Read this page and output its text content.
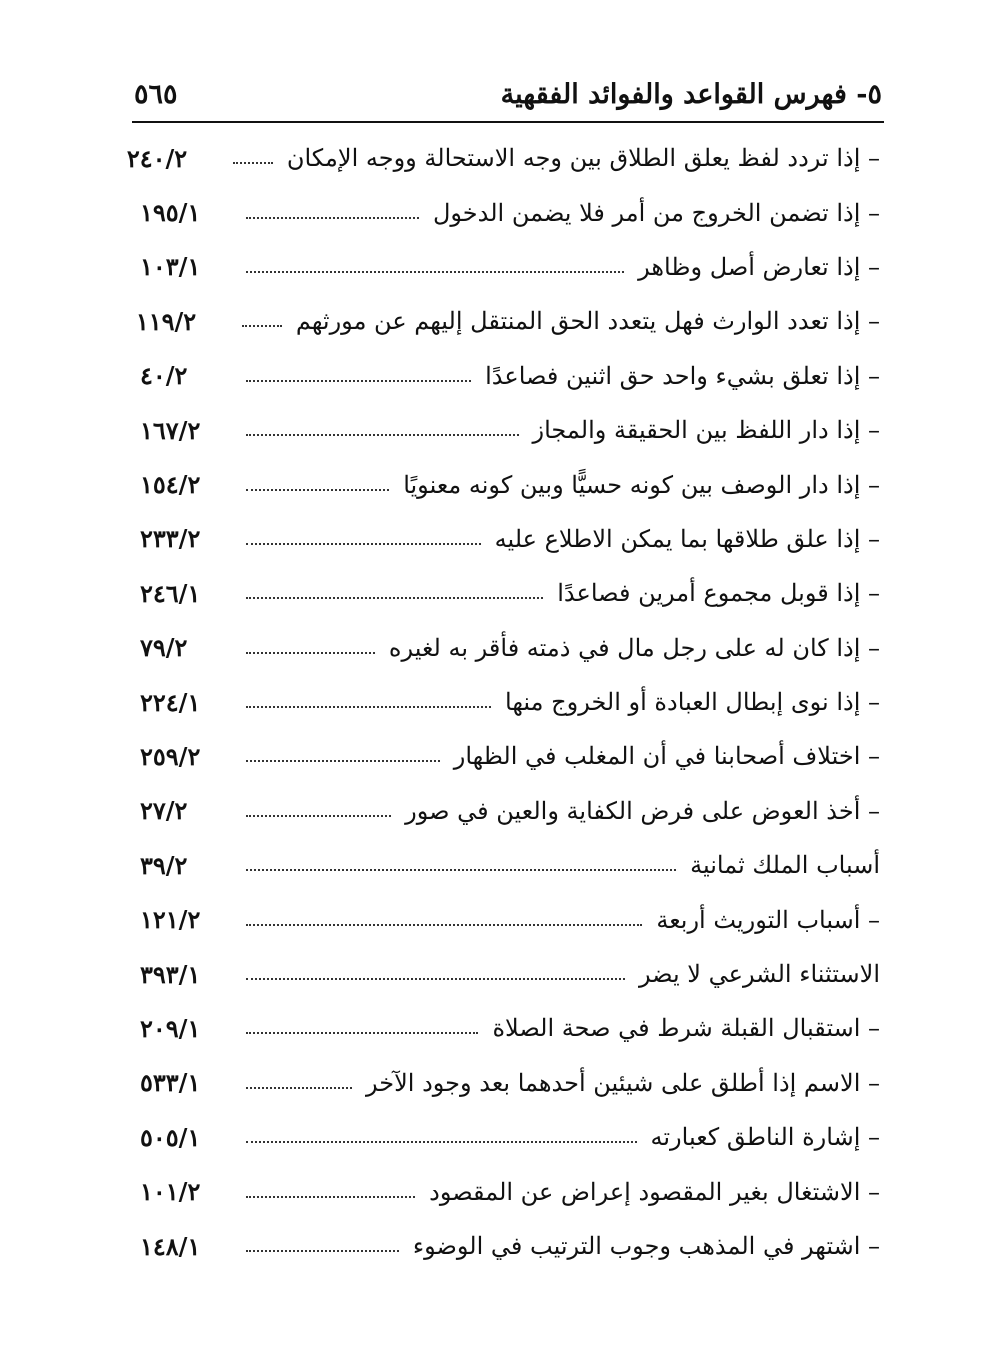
٥- فهرس القواعد والفوائد الفقهية
٥٦٥
– إذا تردد لفظ يعلق الطلاق بين وجه الاستحالة ووجه الإمكان
٢٤٠/٢
– إذا تضمن الخروج من أمر فلا يضمن الدخول
١٩٥/١
– إذا تعارض أصل وظاهر
١٠٣/١
– إذا تعدد الوارث فهل يتعدد الحق المنتقل إليهم عن مورثهم
١١٩/٢
– إذا تعلق بشيء واحد حق اثنين فصاعدًا
٤٠/٢
– إذا دار اللفظ بين الحقيقة والمجاز
١٦٧/٢
– إذا دار الوصف بين كونه حسيًّا وبين كونه معنويًا
١٥٤/٢
– إذا علق طلاقها بما يمكن الاطلاع عليه
٢٣٣/٢
– إذا قوبل مجموع أمرين فصاعدًا
٢٤٦/١
– إذا كان له على رجل مال في ذمته فأقر به لغيره
٧٩/٢
– إذا نوى إبطال العبادة أو الخروج منها
٢٢٤/١
– اختلاف أصحابنا في أن المغلب في الظهار
٢٥٩/٢
– أخذ العوض على فرض الكفاية والعين في صور
٢٧/٢
أسباب الملك ثمانية
٣٩/٢
– أسباب التوريث أربعة
١٢١/٢
الاستثناء الشرعي لا يضر
٣٩٣/١
– استقبال القبلة شرط في صحة الصلاة
٢٠٩/١
– الاسم إذا أطلق على شيئين أحدهما بعد وجود الآخر
٥٣٣/١
– إشارة الناطق كعبارته
٥٠٥/١
– الاشتغال بغير المقصود إعراض عن المقصود
١٠١/٢
– اشتهر في المذهب وجوب الترتيب في الوضوء
١٤٨/١
